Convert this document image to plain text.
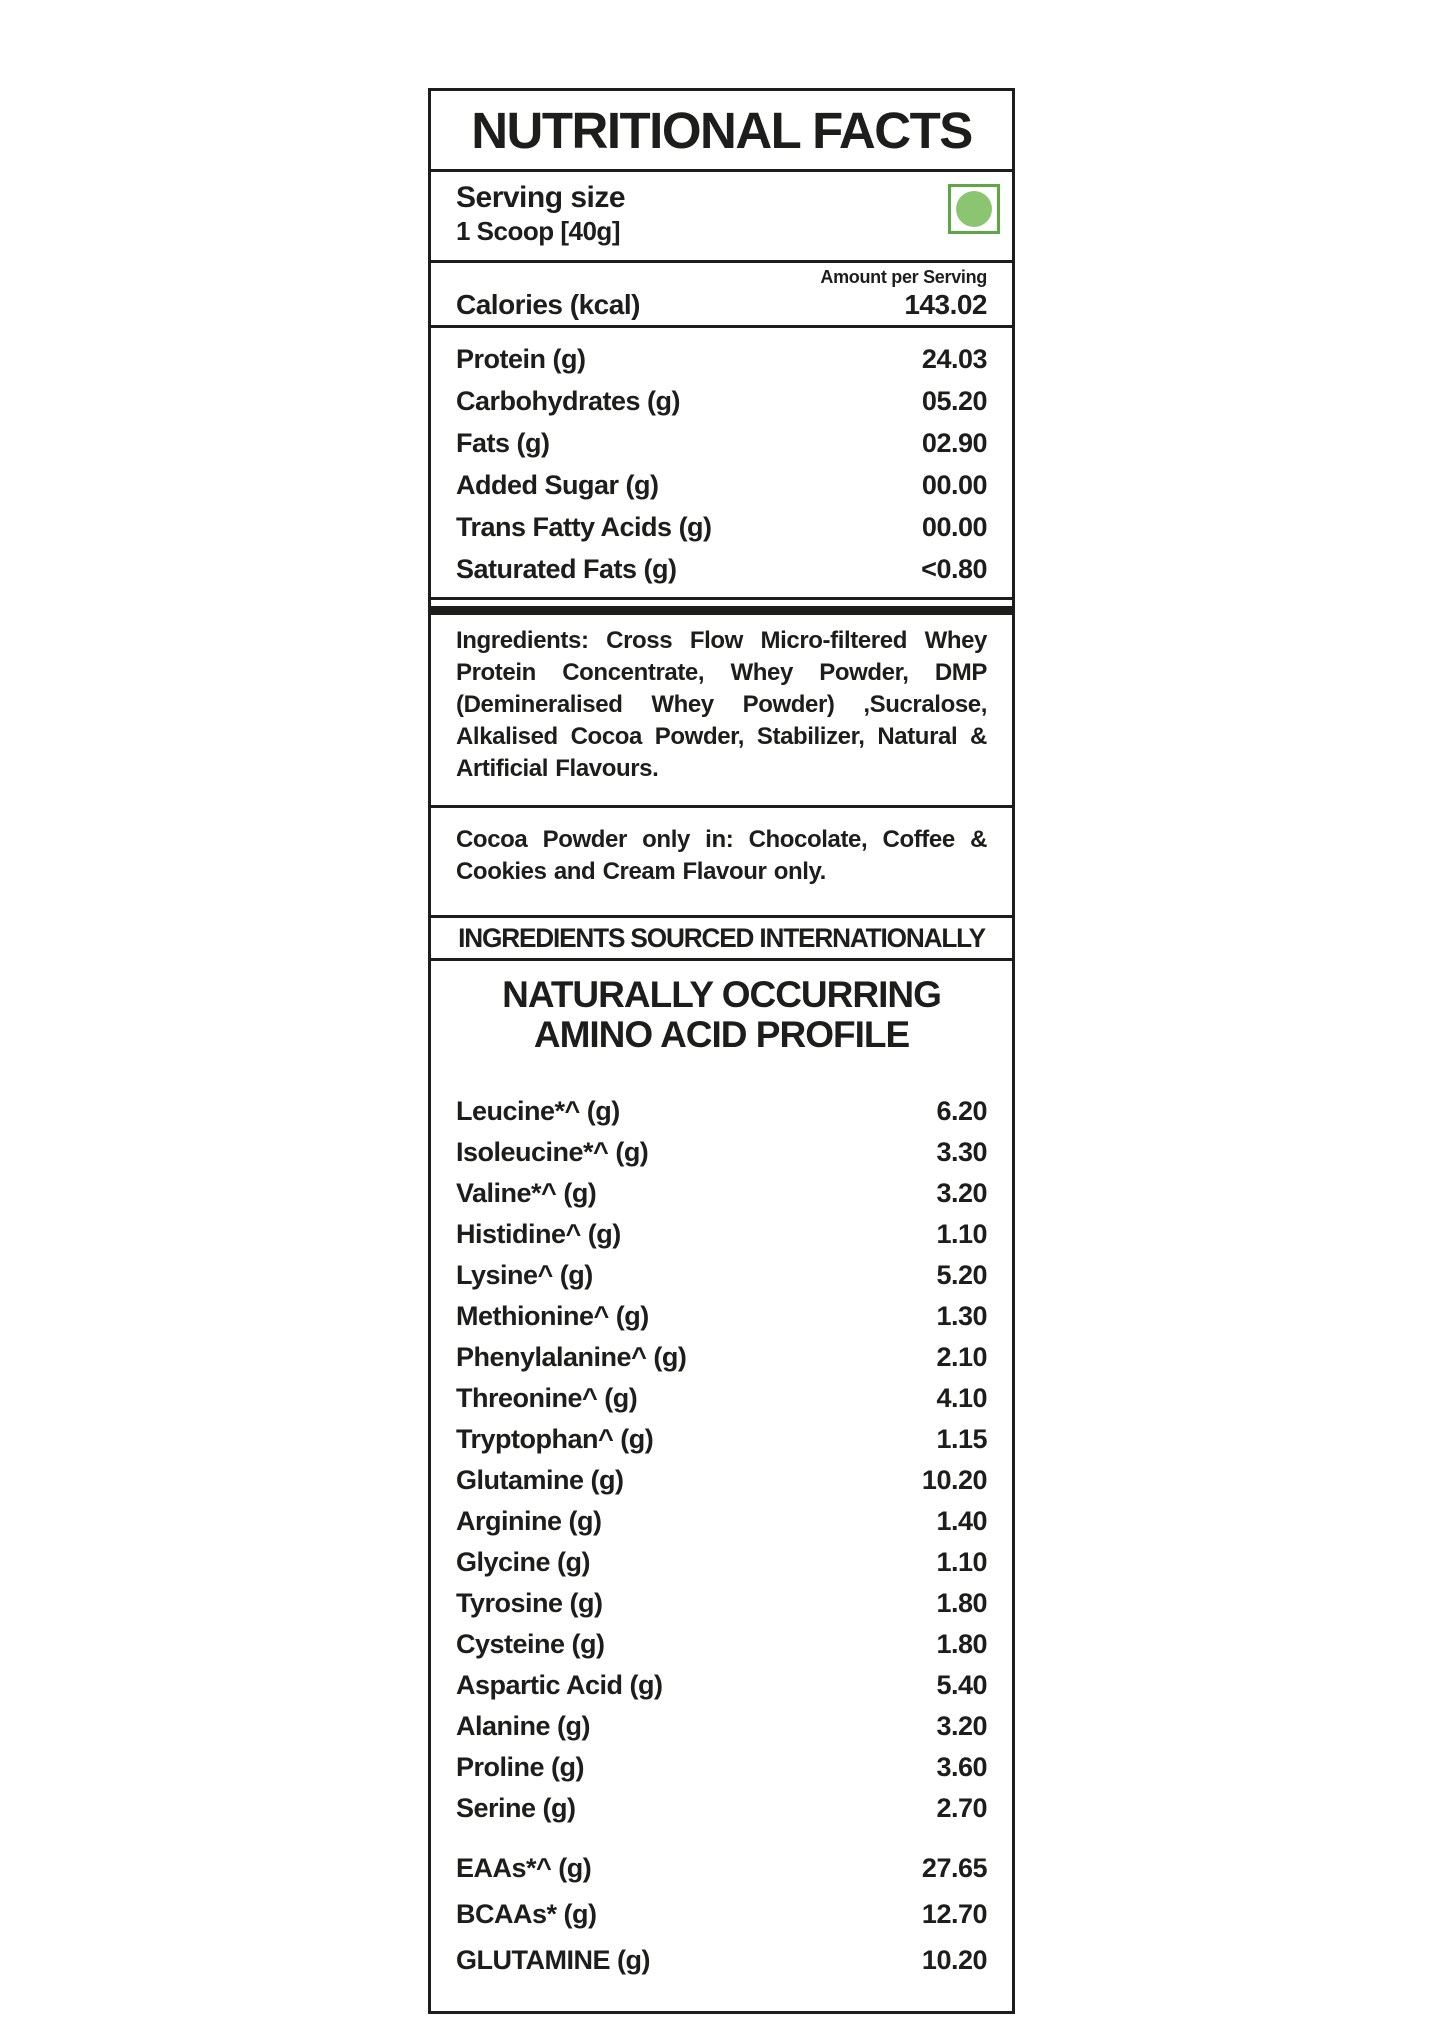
NUTRITIONAL FACTS
Serving size
1 Scoop [40g]
Amount per Serving
Calories (kcal)	143.02
Protein (g)	24.03
Carbohydrates (g)	05.20
Fats (g)	02.90
Added Sugar (g)	00.00
Trans Fatty Acids (g)	00.00
Saturated Fats (g)	<0.80
Ingredients: Cross Flow Micro-filtered Whey Protein Concentrate, Whey Powder, DMP (Demineralised Whey Powder) ,Sucralose, Alkalised Cocoa Powder, Stabilizer, Natural & Artificial Flavours.
Cocoa Powder only in: Chocolate, Coffee & Cookies and Cream Flavour only.
INGREDIENTS SOURCED INTERNATIONALLY
NATURALLY OCCURRING
AMINO ACID PROFILE
Leucine*^ (g)	6.20
Isoleucine*^ (g)	3.30
Valine*^ (g)	3.20
Histidine^ (g)	1.10
Lysine^ (g)	5.20
Methionine^ (g)	1.30
Phenylalanine^ (g)	2.10
Threonine^ (g)	4.10
Tryptophan^ (g)	1.15
Glutamine (g)	10.20
Arginine (g)	1.40
Glycine (g)	1.10
Tyrosine (g)	1.80
Cysteine (g)	1.80
Aspartic Acid (g)	5.40
Alanine (g)	3.20
Proline (g)	3.60
Serine (g)	2.70
EAAs*^ (g)	27.65
BCAAs* (g)	12.70
GLUTAMINE (g)	10.20
